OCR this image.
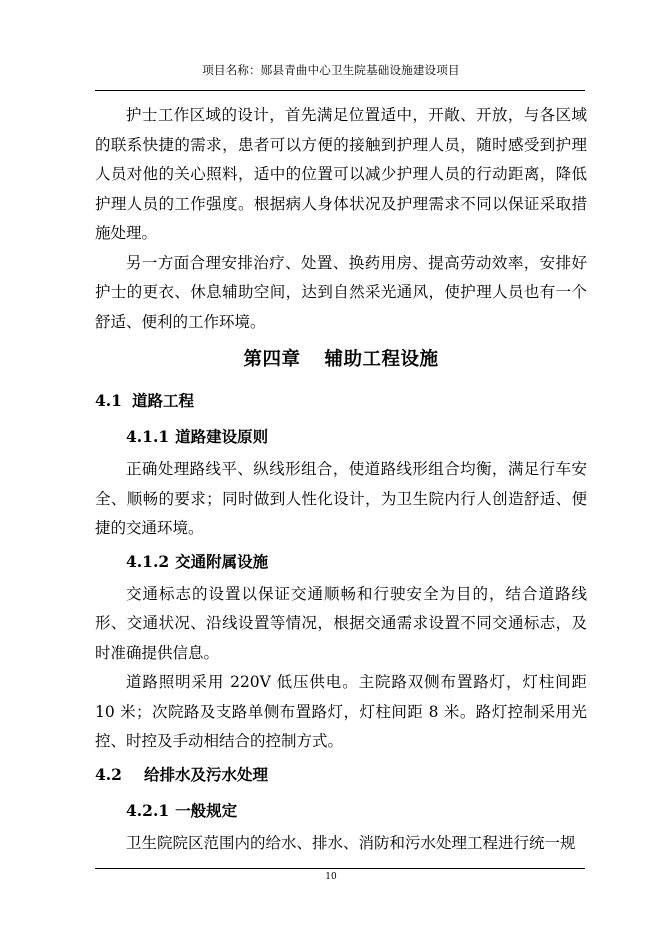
项目名称：郧县青曲中心卫生院基础设施建设项目

护士工作区域的设计，首先满足位置适中，开敞、开放，与各区域的联系快捷的需求，患者可以方便的接触到护理人员，随时感受到护理人员对他的关心照料，适中的位置可以减少护理人员的行动距离，降低护理人员的工作强度。根据病人身体状况及护理需求不同以保证采取措施处理。

另一方面合理安排治疗、处置、换药用房、提高劳动效率，安排好护士的更衣、休息辅助空间，达到自然采光通风，使护理人员也有一个舒适、便利的工作环境。

第四章 辅助工程设施
4.1 道路工程
4.1.1 道路建设原则

正确处理路线平、纵线形组合，使道路线形组合均衡，满足行车安全、顺畅的要求；同时做到人性化设计，为卫生院内行人创造舒适、便捷的交通环境。

4.1.2 交通附属设施

交通标志的设置以保证交通顺畅和行驶安全为目的，结合道路线形、交通状况、沿线设置等情况，根据交通需求设置不同交通标志，及时准确提供信息。

道路照明采用 220V 低压供电。主院路双侧布置路灯，灯柱间距 10 米；次院路及支路单侧布置路灯，灯柱间距 8 米。路灯控制采用光控、时控及手动相结合的控制方式。

4.2 给排水及污水处理
4.2.1 一般规定

卫生院院区范围内的给水、排水、消防和污水处理工程进行统一规

10
